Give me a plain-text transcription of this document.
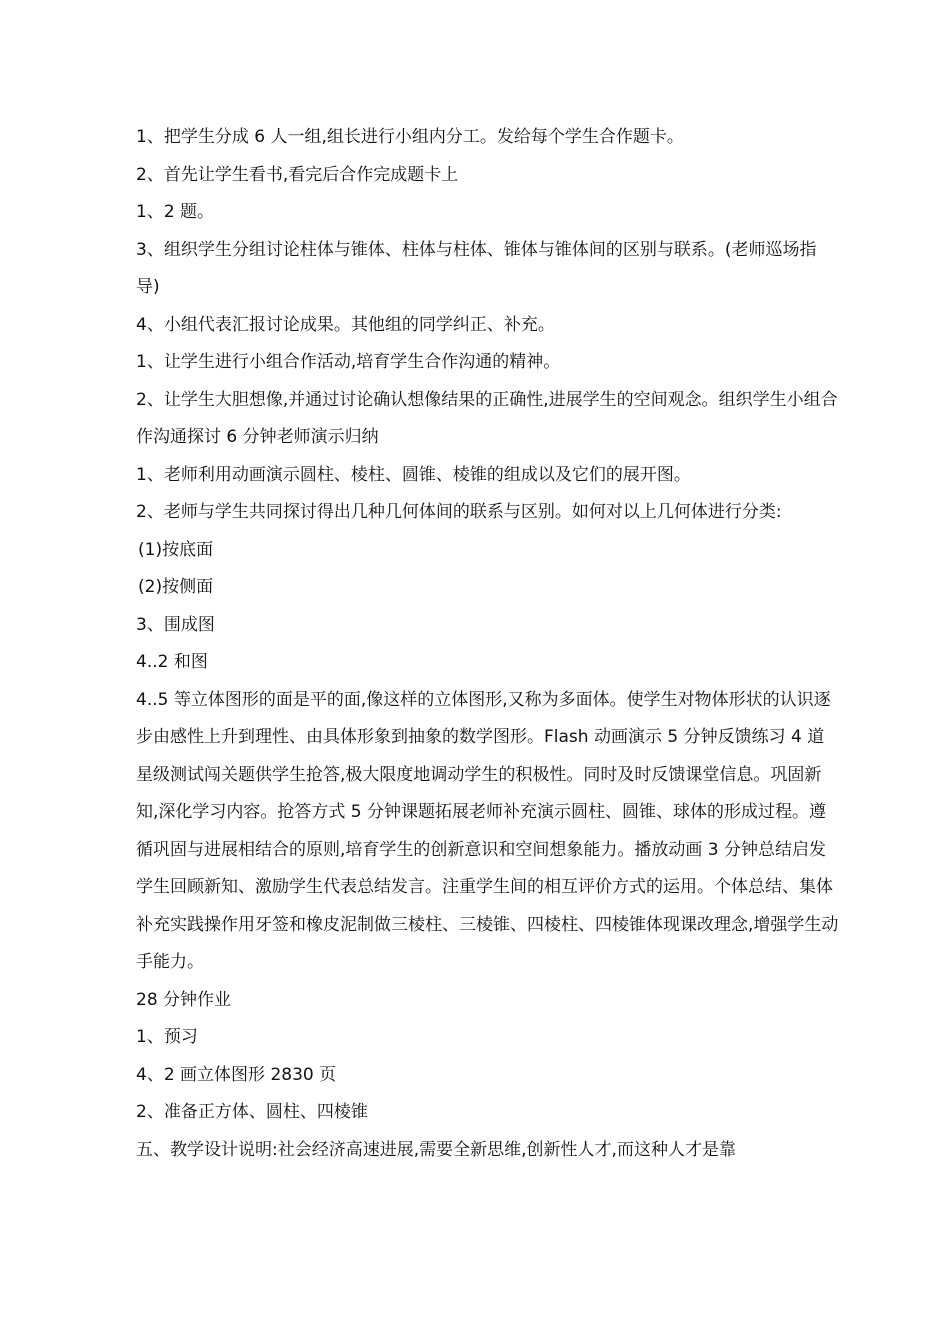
1、把学生分成 6 人一组,组长进行小组内分工。发给每个学生合作题卡。

2、首先让学生看书,看完后合作完成题卡上

1、2 题。

3、组织学生分组讨论柱体与锥体、柱体与柱体、锥体与锥体间的区别与联系。(老师巡场指导)

4、小组代表汇报讨论成果。其他组的同学纠正、补充。

1、让学生进行小组合作活动,培育学生合作沟通的精神。

2、让学生大胆想像,并通过讨论确认想像结果的正确性,进展学生的空间观念。组织学生小组合作沟通探讨 6 分钟老师演示归纳

1、老师利用动画演示圆柱、棱柱、圆锥、棱锥的组成以及它们的展开图。

2、老师与学生共同探讨得出几种几何体间的联系与区别。如何对以上几何体进行分类:

(1)按底面

(2)按侧面

3、围成图

4..2 和图

4..5 等立体图形的面是平的面,像这样的立体图形,又称为多面体。使学生对物体形状的认识逐步由感性上升到理性、由具体形象到抽象的数学图形。Flash 动画演示 5 分钟反馈练习 4 道星级测试闯关题供学生抢答,极大限度地调动学生的积极性。同时及时反馈课堂信息。巩固新知,深化学习内容。抢答方式 5 分钟课题拓展老师补充演示圆柱、圆锥、球体的形成过程。遵循巩固与进展相结合的原则,培育学生的创新意识和空间想象能力。播放动画 3 分钟总结启发学生回顾新知、激励学生代表总结发言。注重学生间的相互评价方式的运用。个体总结、集体补充实践操作用牙签和橡皮泥制做三棱柱、三棱锥、四棱柱、四棱锥体现课改理念,增强学生动手能力。

28 分钟作业

1、预习

4、2 画立体图形 2830 页

2、准备正方体、圆柱、四棱锥

五、教学设计说明:社会经济高速进展,需要全新思维,创新性人才,而这种人才是靠
